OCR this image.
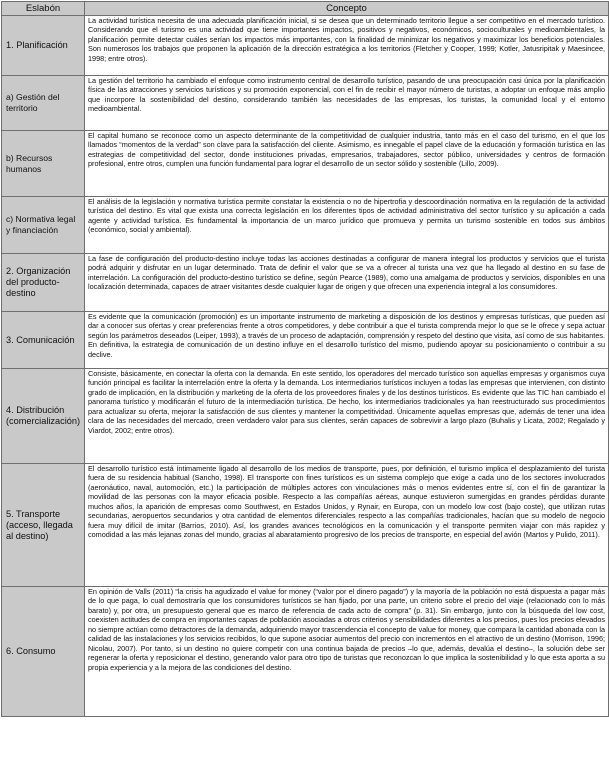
Eslabón	Concepto
1. Planificación	La actividad turística necesita de una adecuada planificación inicial, si se desea que un determinado territorio llegue a ser competitivo en el mercado turístico. Considerando que el turismo es una actividad que tiene importantes impactos, positivos y negativos, económicos, socioculturales y medioambientales, la planificación permite detectar cuáles serían los impactos más importantes, con la finalidad de minimizar los negativos y maximizar los beneficios potenciales. Son numerosos los trabajos que proponen la aplicación de la dirección estratégica a los territorios (Fletcher y Cooper, 1999; Kotler, Jatusripitak y Maesincee, 1998; entre otros).
a) Gestión del territorio	La gestión del territorio ha cambiado el enfoque como instrumento central de desarrollo turístico, pasando de una preocupación casi única por la planificación física de las atracciones y servicios turísticos y su promoción exponencial, con el fin de recibir el mayor número de turistas, a adoptar un enfoque más amplio que incorpore la sostenibilidad del destino, considerando también las necesidades de las empresas, los turistas, la comunidad local y el entorno medioambiental.
b) Recursos humanos	El capital humano se reconoce como un aspecto determinante de la competitividad de cualquier industria, tanto más en el caso del turismo, en el que los llamados “momentos de la verdad” son clave para la satisfacción del cliente. Asimismo, es innegable el papel clave de la educación y formación turística en las estrategias de competitividad del sector, donde instituciones privadas, empresarios, trabajadores, sector público, universidades y centros de formación profesional, entre otros, cumplen una función fundamental para lograr el desarrollo de un sector sólido y sostenible (Lillo, 2009).
c) Normativa legal y financiación	El análisis de la legislación y normativa turística permite constatar la existencia o no de hipertrofia y descoordinación normativa en la regulación de la actividad turística del destino. Es vital que exista una correcta legislación en los diferentes tipos de actividad administrativa del sector turístico y su aplicación a cada agente y actividad turística. Es fundamental la importancia de un marco jurídico que promueva y permita un turismo sostenible en todos sus ámbitos (económico, social y ambiental).
2. Organización del producto-destino	La fase de configuración del producto-destino incluye todas las acciones destinadas a configurar de manera integral los productos y servicios que el turista podrá adquirir y disfrutar en un lugar determinado. Trata de definir el valor que se va a ofrecer al turista una vez que ha llegado al destino en su fase de interrelación. La configuración del producto-destino turístico se define, según Pearce (1989), como una amalgama de productos y servicios, disponibles en una localización determinada, capaces de atraer visitantes desde cualquier lugar de origen y que ofrecen una experiencia integral a los consumidores.
3. Comunicación	Es evidente que la comunicación (promoción) es un importante instrumento de marketing a disposición de los destinos y empresas turísticas, que pueden así dar a conocer sus ofertas y crear preferencias frente a otros competidores, y debe contribuir a que el turista comprenda mejor lo que se le ofrece y sepa actuar según los parámetros deseados (Leiper, 1993), a través de un proceso de adaptación, comprensión y respeto del destino que visita, así como de sus habitantes. En definitiva, la estrategia de comunicación de un destino influye en el desarrollo turístico del mismo, pudiendo apoyar su posicionamiento o contribuir a su declive.
4. Distribución (comercialización)	Consiste, básicamente, en conectar la oferta con la demanda. En este sentido, los operadores del mercado turístico son aquellas empresas y organismos cuya función principal es facilitar la interrelación entre la oferta y la demanda. Los intermediarios turísticos incluyen a todas las empresas que intervienen, con distinto grado de implicación, en la distribución y marketing de la oferta de los proveedores finales y de los destinos turísticos. Es evidente que las TIC han cambiado el panorama turístico y modificarán el futuro de la intermediación turística. De hecho, los intermediarios tradicionales ya han reestructurado sus procedimientos para actualizar su oferta, mejorar la satisfacción de sus clientes y mantener la competitividad. Únicamente aquellas empresas que, además de tener una idea clara de las necesidades del mercado, creen verdadero valor para sus clientes, serán capaces de sobrevivir a largo plazo (Buhalis y Licata, 2002; Regalado y Viardot, 2002; entre otros).
5. Transporte (acceso, llegada al destino)	El desarrollo turístico está íntimamente ligado al desarrollo de los medios de transporte, pues, por definición, el turismo implica el desplazamiento del turista fuera de su residencia habitual (Sancho, 1998). El transporte con fines turísticos es un sistema complejo que exige a cada uno de los sectores involucrados (aeronáutico, naval, automoción, etc.) la participación de múltiples actores con vinculaciones más o menos evidentes entre sí, con el fin de garantizar la movilidad de las personas con la mayor eficacia posible. Respecto a las compañías aéreas, aunque estuvieron sumergidas en grandes pérdidas durante muchos años, la aparición de empresas como Southwest, en Estados Unidos, y Rynair, en Europa, con un modelo low cost (bajo coste), que utilizan rutas secundarias, aeropuertos secundarios y otra cantidad de elementos diferenciales respecto a las compañías tradicionales, hacían que su modelo de negocio fuera muy difícil de imitar (Barrios, 2010). Así, los grandes avances tecnológicos en la comunicación y el transporte permiten viajar con más rapidez y comodidad a las más lejanas zonas del mundo, gracias al abaratamiento progresivo de los precios de transporte, en especial del avión (Martos y Pulido, 2011).
6. Consumo	En opinión de Valls (2011) “la crisis ha agudizado el value for money (“valor por el dinero pagado”) y la mayoría de la población no está dispuesta a pagar más de lo que paga, lo cual demostraría que los consumidores turísticos se han fijado, por una parte, un criterio sobre el precio del viaje (relacionado con lo más barato) y, por otra, un presupuesto general que es marco de referencia de cada acto de compra” (p. 31). Sin embargo, junto con la búsqueda del low cost, coexisten actitudes de compra en importantes capas de población asociadas a otros criterios y sensibilidades diferentes a los precios, pues los precios elevados no siempre actúan como detractores de la demanda, adquiriendo mayor trascendencia el concepto de value for money, que compara la cantidad abonada con la calidad de las instalaciones y los servicios recibidos, lo que supone asociar aumentos del precio con incrementos en el atractivo de un destino (Morrison, 1996; Nicolau, 2007). Por tanto, si un destino no quiere competir con una continua bajada de precios –lo que, además, devalúa el destino–, la solución debe ser regenerar la oferta y reposicionar el destino, generando valor para otro tipo de turistas que reconozcan lo que implica la sostenibilidad y lo que esta aporta a su propia experiencia y a la mejora de las condiciones del destino.
